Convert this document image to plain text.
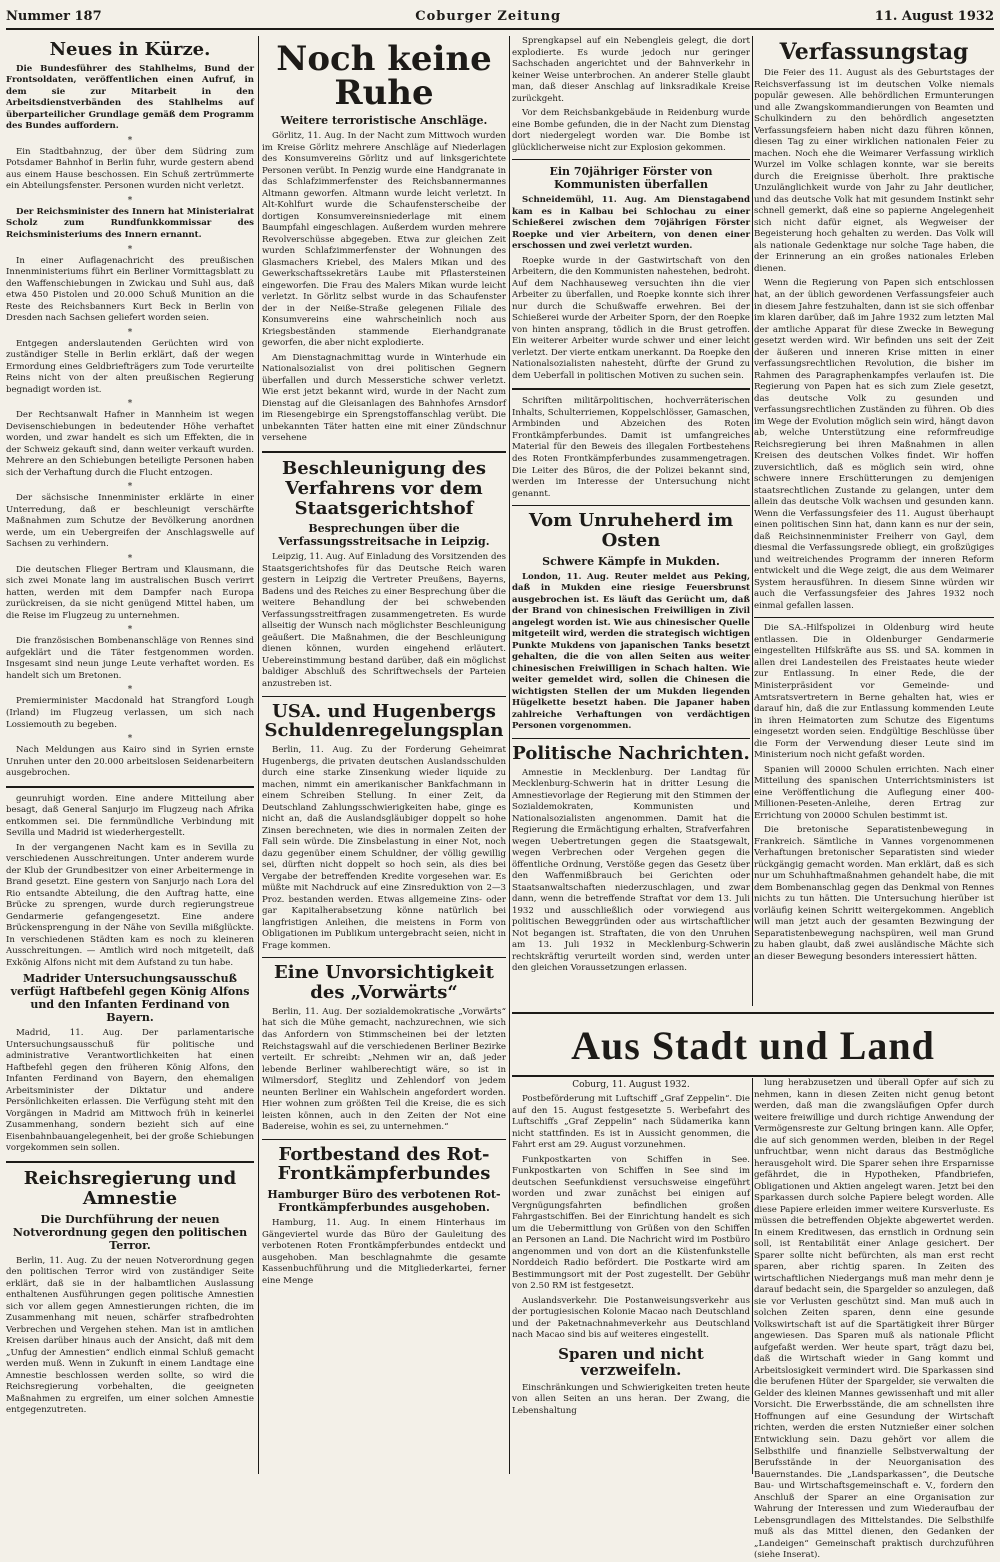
Nummer 187	Coburger Zeitung	11. August 1932
Neues in Kürze.

Die Bundesführer des Stahlhelms, Bund der Frontsoldaten, veröffentlichen einen Aufruf, in dem sie zur Mitarbeit in den Arbeitsdienstverbänden des Stahlhelms auf überparteilicher Grundlage gemäß dem Programm des Bundes auffordern.

*

Ein Stadtbahnzug, der über dem Südring zum Potsdamer Bahnhof in Berlin fuhr, wurde gestern abend aus einem Hause beschossen. Ein Schuß zertrümmerte ein Abteilungsfenster. Personen wurden nicht verletzt.

*

Der Reichsminister des Innern hat Ministerialrat Scholz zum Rundfunkkommissar des Reichsministeriums des Innern ernannt.

*

In einer Auflagenachricht des preußischen Innenministeriums führt ein Berliner Vormittagsblatt zu den Waffenschiebungen in Zwickau und Suhl aus, daß etwa 450 Pistolen und 20.000 Schuß Munition an die Reste des Reichsbanners Kurt Beck in Berlin von Dresden nach Sachsen geliefert worden seien.

*

Entgegen anderslautenden Gerüchten wird von zuständiger Stelle in Berlin erklärt, daß der wegen Ermordung eines Geldbriefträgers zum Tode verurteilte Reins nicht von der alten preußischen Regierung begnadigt worden ist.

*

Der Rechtsanwalt Hafner in Mannheim ist wegen Devisenschiebungen in bedeutender Höhe verhaftet worden, und zwar handelt es sich um Effekten, die in der Schweiz gekauft sind, dann weiter verkauft wurden. Mehrere an den Schiebungen beteiligte Personen haben sich der Verhaftung durch die Flucht entzogen.

*

Der sächsische Innenminister erklärte in einer Unterredung, daß er beschleunigt verschärfte Maßnahmen zum Schutze der Bevölkerung anordnen werde, um ein Uebergreifen der Anschlagswelle auf Sachsen zu verhindern.

*

Die deutschen Flieger Bertram und Klausmann, die sich zwei Monate lang im australischen Busch verirrt hatten, werden mit dem Dampfer nach Europa zurückreisen, da sie nicht genügend Mittel haben, um die Reise im Flugzeug zu unternehmen.

*

Die französischen Bombenanschläge von Rennes sind aufgeklärt und die Täter festgenommen worden. Insgesamt sind neun junge Leute verhaftet worden. Es handelt sich um Bretonen.

*

Premierminister Macdonald hat Strangford Lough (Irland) im Flugzeug verlassen, um sich nach Lossiemouth zu begeben.

*

Nach Meldungen aus Kairo sind in Syrien ernste Unruhen unter den 20.000 arbeitslosen Seidenarbeitern ausgebrochen.

geunruhigt worden. Eine andere Mitteilung aber besagt, daß General Sanjurjo im Flugzeug nach Afrika entkommen sei. Die fernmündliche Verbindung mit Sevilla und Madrid ist wiederhergestellt.

In der vergangenen Nacht kam es in Sevilla zu verschiedenen Ausschreitungen. Unter anderem wurde der Klub der Grundbesitzer von einer Arbeitermenge in Brand gesetzt. Eine gestern von Sanjurjo nach Lora del Rio entsandte Abteilung, die den Auftrag hatte, eine Brücke zu sprengen, wurde durch regierungstreue Gendarmerie gefangengesetzt. Eine andere Brückensprengung in der Nähe von Sevilla mißglückte. In verschiedenen Städten kam es noch zu kleineren Ausschreitungen. — Amtlich wird noch mitgeteilt, daß Exkönig Alfons nicht mit dem Aufstand zu tun habe.

Madrider Untersuchungsausschuß verfügt Haftbefehl gegen König Alfons und den Infanten Ferdinand von Bayern.

Madrid, 11. Aug. Der parlamentarische Untersuchungsausschuß für politische und administrative Verantwortlichkeiten hat einen Haftbefehl gegen den früheren König Alfons, den Infanten Ferdinand von Bayern, den ehemaligen Arbeitsminister der Diktatur und andere Persönlichkeiten erlassen. Die Verfügung steht mit den Vorgängen in Madrid am Mittwoch früh in keinerlei Zusammenhang, sondern bezieht sich auf eine Eisenbahnbauangelegenheit, bei der große Schiebungen vorgekommen sein sollen.

Reichsregierung und Amnestie
Die Durchführung der neuen Notverordnung gegen den politischen Terror.

Berlin, 11. Aug. Zu der neuen Notverordnung gegen den politischen Terror wird von zuständiger Seite erklärt, daß sie in der halbamtlichen Auslassung enthaltenen Ausführungen gegen politische Amnestien sich vor allem gegen Amnestierungen richten, die im Zusammenhang mit neuen, schärfer strafbedrohten Verbrechen und Vergehen stehen. Man ist in amtlichen Kreisen darüber hinaus auch der Ansicht, daß mit dem „Unfug der Amnestien“ endlich einmal Schluß gemacht werden muß. Wenn in Zukunft in einem Landtage eine Amnestie beschlossen werden sollte, so wird die Reichsregierung vorbehalten, die geeigneten Maßnahmen zu ergreifen, um einer solchen Amnestie entgegenzutreten.

Noch keine Ruhe
Weitere terroristische Anschläge.

Görlitz, 11. Aug. In der Nacht zum Mittwoch wurden im Kreise Görlitz mehrere Anschläge auf Niederlagen des Konsumvereins Görlitz und auf linksgerichtete Personen verübt. In Penzig wurde eine Handgranate in das Schlafzimmerfenster des Reichsbannermannes Altmann geworfen. Altmann wurde leicht verletzt. In Alt-Kohlfurt wurde die Schaufensterscheibe der dortigen Konsumvereinsniederlage mit einem Baumpfahl eingeschlagen. Außerdem wurden mehrere Revolverschüsse abgegeben. Etwa zur gleichen Zeit wurden Schlafzimmerfenster der Wohnungen des Glasmachers Kriebel, des Malers Mikan und des Gewerkschaftssekretärs Laube mit Pflastersteinen eingeworfen. Die Frau des Malers Mikan wurde leicht verletzt. In Görlitz selbst wurde in das Schaufenster der in der Neiße-Straße gelegenen Filiale des Konsumvereins eine wahrscheinlich noch aus Kriegsbeständen stammende Eierhandgranate geworfen, die aber nicht explodierte.

Am Dienstagnachmittag wurde in Winterhude ein Nationalsozialist von drei politischen Gegnern überfallen und durch Messerstiche schwer verletzt. Wie erst jetzt bekannt wird, wurde in der Nacht zum Dienstag auf die Gleisanlagen des Bahnhofes Arnsdorf im Riesengebirge ein Sprengstoffanschlag verübt. Die unbekannten Täter hatten eine mit einer Zündschnur versehene

Beschleunigung des Verfahrens vor dem Staatsgerichtshof
Besprechungen über die Verfassungsstreitsache in Leipzig.

Leipzig, 11. Aug. Auf Einladung des Vorsitzenden des Staatsgerichtshofes für das Deutsche Reich waren gestern in Leipzig die Vertreter Preußens, Bayerns, Badens und des Reiches zu einer Besprechung über die weitere Behandlung der bei schwebenden Verfassungsstreitfragen zusammengetreten. Es wurde allseitig der Wunsch nach möglichster Beschleunigung geäußert. Die Maßnahmen, die der Beschleunigung dienen können, wurden eingehend erläutert. Uebereinstimmung bestand darüber, daß ein möglichst baldiger Abschluß des Schriftwechsels der Parteien anzustreben ist.

USA. und Hugenbergs Schuldenregelungsplan

Berlin, 11. Aug. Zu der Forderung Geheimrat Hugenbergs, die privaten deutschen Auslandsschulden durch eine starke Zinsenkung wieder liquide zu machen, nimmt ein amerikanischer Bankfachmann in einem Schreiben Stellung. In einer Zeit, da Deutschland Zahlungsschwierigkeiten habe, ginge es nicht an, daß die Auslandsgläubiger doppelt so hohe Zinsen berechneten, wie dies in normalen Zeiten der Fall sein würde. Die Zinsbelastung in einer Not, noch dazu gegenüber einem Schuldner, der völlig gewillig sei, dürften nicht doppelt so hoch sein, als dies bei Vergabe der betreffenden Kredite vorgesehen war. Es müßte mit Nachdruck auf eine Zinsreduktion von 2—3 Proz. bestanden werden. Etwas allgemeine Zins- oder gar Kapitalherabsetzung könne natürlich bei langfristigen Anleihen, die meistens in Form von Obligationen im Publikum untergebracht seien, nicht in Frage kommen.

Eine Unvorsichtigkeit des „Vorwärts“

Berlin, 11. Aug. Der sozialdemokratische „Vorwärts“ hat sich die Mühe gemacht, nachzurechnen, wie sich das Anfordern von Stimmscheinen bei der letzten Reichstagswahl auf die verschiedenen Berliner Bezirke verteilt. Er schreibt: „Nehmen wir an, daß jeder lebende Berliner wahlberechtigt wäre, so ist in Wilmersdorf, Steglitz und Zehlendorf von jedem neunten Berliner ein Wahlschein angefordert worden. Hier wohnen zum größten Teil die Kreise, die es sich leisten können, auch in den Zeiten der Not eine Badereise, wohin es sei, zu unternehmen.“

Fortbestand des Rot-Frontkämpferbundes
Hamburger Büro des verbotenen Rot-Frontkämpferbundes ausgehoben.

Hamburg, 11. Aug. In einem Hinterhaus im Gängeviertel wurde das Büro der Gauleitung des verbotenen Roten Frontkämpferbundes entdeckt und ausgehoben. Man beschlagnahmte die gesamte Kassenbuchführung und die Mitgliederkartei, ferner eine Menge

Sprengkapsel auf ein Nebengleis gelegt, die dort explodierte. Es wurde jedoch nur geringer Sachschaden angerichtet und der Bahnverkehr in keiner Weise unterbrochen. An anderer Stelle glaubt man, daß dieser Anschlag auf linksradikale Kreise zurückgeht.

Vor dem Reichsbankgebäude in Reidenburg wurde eine Bombe gefunden, die in der Nacht zum Dienstag dort niedergelegt worden war. Die Bombe ist glücklicherweise nicht zur Explosion gekommen.

Ein 70jähriger Förster von Kommunisten überfallen

Schneidemühl, 11. Aug. Am Dienstagabend kam es in Kalbau bei Schlochau zu einer Schießerei zwischen dem 70jährigen Förster Roepke und vier Arbeitern, von denen einer erschossen und zwei verletzt wurden.

Roepke wurde in der Gastwirtschaft von den Arbeitern, die den Kommunisten nahestehen, bedroht. Auf dem Nachhauseweg versuchten ihn die vier Arbeiter zu überfallen, und Roepke konnte sich ihrer nur durch die Schußwaffe erwehren. Bei der Schießerei wurde der Arbeiter Sporn, der den Roepke von hinten ansprang, tödlich in die Brust getroffen. Ein weiterer Arbeiter wurde schwer und einer leicht verletzt. Der vierte entkam unerkannt. Da Roepke den Nationalsozialisten nahesteht, dürfte der Grund zu dem Ueberfall in politischen Motiven zu suchen sein.

Schriften militärpolitischen, hochverräterischen Inhalts, Schulterriemen, Koppelschlösser, Gamaschen, Armbinden und Abzeichen des Roten Frontkämpferbundes. Damit ist umfangreiches Material für den Beweis des illegalen Fortbestehens des Roten Frontkämpferbundes zusammengetragen. Die Leiter des Büros, die der Polizei bekannt sind, werden im Interesse der Untersuchung nicht genannt.

Vom Unruheherd im Osten
Schwere Kämpfe in Mukden.

London, 11. Aug. Reuter meldet aus Peking, daß in Mukden eine riesige Feuersbrunst ausgebrochen ist. Es läuft das Gerücht um, daß der Brand von chinesischen Freiwilligen in Zivil angelegt worden ist. Wie aus chinesischer Quelle mitgeteilt wird, werden die strategisch wichtigen Punkte Mukdens von japanischen Tanks besetzt gehalten, die die von allen Seiten aus weiter chinesischen Freiwilligen in Schach halten. Wie weiter gemeldet wird, sollen die Chinesen die wichtigsten Stellen der um Mukden liegenden Hügelkette besetzt haben. Die Japaner haben zahlreiche Verhaftungen von verdächtigen Personen vorgenommen.

Politische Nachrichten.

Amnestie in Mecklenburg. Der Landtag für Mecklenburg-Schwerin hat in dritter Lesung die Amnestievorlage der Regierung mit den Stimmen der Sozialdemokraten, Kommunisten und Nationalsozialisten angenommen. Damit hat die Regierung die Ermächtigung erhalten, Strafverfahren wegen Uebertretungen gegen die Staatsgewalt, wegen Verbrechen oder Vergehen gegen die öffentliche Ordnung, Verstöße gegen das Gesetz über den Waffenmißbrauch bei Gerichten oder Staatsanwaltschaften niederzuschlagen, und zwar dann, wenn die betreffende Straftat vor dem 13. Juli 1932 und ausschließlich oder vorwiegend aus politischen Beweggründen oder aus wirtschaftlicher Not begangen ist. Straftaten, die von den Unruhen am 13. Juli 1932 in Mecklenburg-Schwerin rechtskräftig verurteilt worden sind, werden unter den gleichen Voraussetzungen erlassen.

Verfassungstag

Die Feier des 11. August als des Geburtstages der Reichsverfassung ist im deutschen Volke niemals populär gewesen. Alle behördlichen Ermunterungen und alle Zwangskommandierungen von Beamten und Schulkindern zu den behördlich angesetzten Verfassungsfeiern haben nicht dazu führen können, diesen Tag zu einer wirklichen nationalen Feier zu machen. Noch ehe die Weimarer Verfassung wirklich Wurzel im Volke schlagen konnte, war sie bereits durch die Ereignisse überholt. Ihre praktische Unzulänglichkeit wurde von Jahr zu Jahr deutlicher, und das deutsche Volk hat mit gesundem Instinkt sehr schnell gemerkt, daß eine so papierne Angelegenheit sich nicht dafür eignet, als Wegweiser der Begeisterung hoch gehalten zu werden. Das Volk will als nationale Gedenktage nur solche Tage haben, die der Erinnerung an ein großes nationales Erleben dienen.

Wenn die Regierung von Papen sich entschlossen hat, an der üblich gewordenen Verfassungsfeier auch in diesem Jahre festzuhalten, dann ist sie sich offenbar im klaren darüber, daß im Jahre 1932 zum letzten Mal der amtliche Apparat für diese Zwecke in Bewegung gesetzt werden wird. Wir befinden uns seit der Zeit der äußeren und inneren Krise mitten in einer verfassungsrechtlichen Revolution, die bisher im Rahmen des Paragraphenkampfes verlaufen ist. Die Regierung von Papen hat es sich zum Ziele gesetzt, das deutsche Volk zu gesunden und verfassungsrechtlichen Zuständen zu führen. Ob dies im Wege der Evolution möglich sein wird, hängt davon ab, welche Unterstützung eine reformfreudige Reichsregierung bei ihren Maßnahmen in allen Kreisen des deutschen Volkes findet. Wir hoffen zuversichtlich, daß es möglich sein wird, ohne schwere innere Erschütterungen zu demjenigen staatsrechtlichen Zustande zu gelangen, unter dem allein das deutsche Volk wachsen und gesunden kann. Wenn die Verfassungsfeier des 11. August überhaupt einen politischen Sinn hat, dann kann es nur der sein, daß Reichsinnenminister Freiherr von Gayl, dem diesmal die Verfassungsrede obliegt, ein großzügiges und weitreichendes Programm der inneren Reform entwickelt und die Wege zeigt, die aus dem Weimarer System herausführen. In diesem Sinne würden wir auch die Verfassungsfeier des Jahres 1932 noch einmal gefallen lassen.

Die SA.-Hilfspolizei in Oldenburg wird heute entlassen. Die in Oldenburger Gendarmerie eingestellten Hilfskräfte aus SS. und SA. kommen in allen drei Landesteilen des Freistaates heute wieder zur Entlassung. In einer Rede, die der Ministerpräsident vor Gemeinde- und Amtsratsvertretern in Berne gehalten hat, wies er darauf hin, daß die zur Entlassung kommenden Leute in ihren Heimatorten zum Schutze des Eigentums eingesetzt worden seien. Endgültige Beschlüsse über die Form der Verwendung dieser Leute sind im Ministerium noch nicht gefaßt worden.

Spanien will 20000 Schulen errichten. Nach einer Mitteilung des spanischen Unterrichtsministers ist eine Veröffentlichung die Auflegung einer 400-Millionen-Peseten-Anleihe, deren Ertrag zur Errichtung von 20000 Schulen bestimmt ist.

Die bretonische Separatistenbewegung in Frankreich. Sämtliche in Vannes vorgenommenen Verhaftungen bretonischer Separatisten sind wieder rückgängig gemacht worden. Man erklärt, daß es sich nur um Schuhhaftmaßnahmen gehandelt habe, die mit dem Bombenanschlag gegen das Denkmal von Rennes nichts zu tun hätten. Die Untersuchung hierüber ist vorläufig keinen Schritt weitergekommen. Angeblich will man jetzt auch der gesamten Bezwingung der Separatistenbewegung nachspüren, weil man Grund zu haben glaubt, daß zwei ausländische Mächte sich an dieser Bewegung besonders interessiert hätten.

Aus Stadt und Land
Coburg, 11. August 1932.

Postbeförderung mit Luftschiff „Graf Zeppelin“. Die auf den 15. August festgesetzte 5. Werbefahrt des Luftschiffs „Graf Zeppelin“ nach Südamerika kann nicht stattfinden. Es ist in Aussicht genommen, die Fahrt erst am 29. August vorzunehmen.

Funkpostkarten von Schiffen in See. Funkpostkarten von Schiffen in See sind im deutschen Seefunkdienst versuchsweise eingeführt worden und zwar zunächst bei einigen auf Vergnügungsfahrten befindlichen großen Fahrgastschiffen. Bei der Einrichtung handelt es sich um die Uebermittlung von Grüßen von den Schiffen an Personen an Land. Die Nachricht wird im Postbüro angenommen und von dort an die Küstenfunkstelle Norddeich Radio befördert. Die Postkarte wird am Bestimmungsort mit der Post zugestellt. Der Gebühr von 2.50 RM ist festgesetzt.

Auslandsverkehr. Die Postanweisungsverkehr aus der portugiesischen Kolonie Macao nach Deutschland und der Paketnachnahmeverkehr aus Deutschland nach Macao sind bis auf weiteres eingestellt.

Sparen und nicht verzweifeln.

Einschränkungen und Schwierigkeiten treten heute von allen Seiten an uns heran. Der Zwang, die Lebenshaltung

lung herabzusetzen und überall Opfer auf sich zu nehmen, kann in diesen Zeiten nicht genug betont werden, daß man die zwangsläufigen Opfer durch weitere freiwillige und durch richtige Anwendung der Vermögensreste zur Geltung bringen kann. Alle Opfer, die auf sich genommen werden, bleiben in der Regel unfruchtbar, wenn nicht daraus das Bestmögliche herausgeholt wird. Die Sparer sehen ihre Ersparnisse gefährdet, die in Hypotheken, Pfandbriefen, Obligationen und Aktien angelegt waren. Jetzt bei den Sparkassen durch solche Papiere belegt worden. Alle diese Papiere erleiden immer weitere Kursverluste. Es müssen die betreffenden Objekte abgewertet werden. In einem Kreditwesen, das ernstlich in Ordnung sein soll, ist Rentabilität einer Anlage gesichert. Der Sparer sollte nicht befürchten, als man erst recht sparen, aber richtig sparen. In Zeiten des wirtschaftlichen Niedergangs muß man mehr denn je darauf bedacht sein, die Spargelder so anzulegen, daß sie vor Verlusten geschützt sind. Man muß auch in solchen Zeiten sparen, denn eine gesunde Volkswirtschaft ist auf die Spartätigkeit ihrer Bürger angewiesen. Das Sparen muß als nationale Pflicht aufgefaßt werden. Wer heute spart, trägt dazu bei, daß die Wirtschaft wieder in Gang kommt und Arbeitslosigkeit vermindert wird. Die Sparkassen sind die berufenen Hüter der Spargelder, sie verwalten die Gelder des kleinen Mannes gewissenhaft und mit aller Vorsicht. Die Erwerbsstände, die am schnellsten ihre Hoffnungen auf eine Gesundung der Wirtschaft richten, werden die ersten Nutznießer einer solchen Entwicklung sein. Dazu gehört vor allem die Selbsthilfe und finanzielle Selbstverwaltung der Berufsstände in der Neuorganisation des Bauernstandes. Die „Landsparkassen“, die Deutsche Bau- und Wirtschaftsgemeinschaft e. V., fordern den Anschluß der Sparer an eine Organisation zur Wahrung der Interessen und zum Wiederaufbau der Lebensgrundlagen des Mittelstandes. Die Selbsthilfe muß als das Mittel dienen, den Gedanken der „Landeigen“ Gemeinschaft praktisch durchzuführen (siehe Inserat).
